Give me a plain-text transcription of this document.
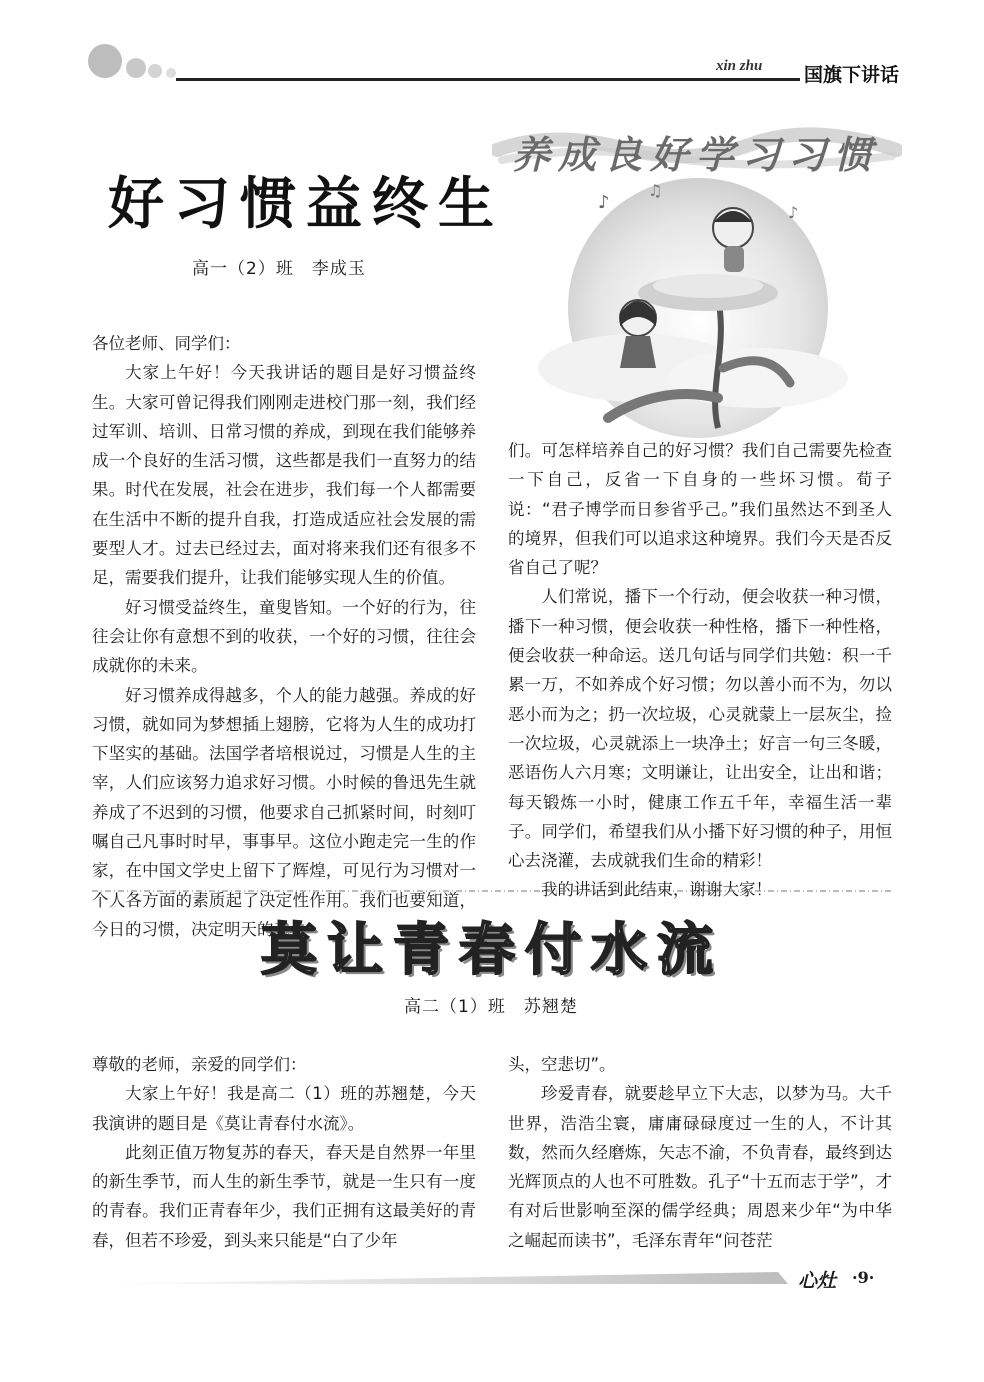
xin zhu 国旗下讲话
好习惯益终生
高一（2）班　李成玉
养成良好学习习惯
♪
♫
♪

各位老师、同学们：

大家上午好！今天我讲话的题目是好习惯益终生。大家可曾记得我们刚刚走进校门那一刻，我们经过军训、培训、日常习惯的养成，到现在我们能够养成一个良好的生活习惯，这些都是我们一直努力的结果。时代在发展，社会在进步，我们每一个人都需要在生活中不断的提升自我，打造成适应社会发展的需要型人才。过去已经过去，面对将来我们还有很多不足，需要我们提升，让我们能够实现人生的价值。

好习惯受益终生，童叟皆知。一个好的行为，往往会让你有意想不到的收获，一个好的习惯，往往会成就你的未来。

好习惯养成得越多，个人的能力越强。养成的好习惯，就如同为梦想插上翅膀，它将为人生的成功打下坚实的基础。法国学者培根说过，习惯是人生的主宰，人们应该努力追求好习惯。小时候的鲁迅先生就养成了不迟到的习惯，他要求自己抓紧时间，时刻叮嘱自己凡事时时早，事事早。这位小跑走完一生的作家，在中国文学史上留下了辉煌，可见行为习惯对一个人各方面的素质起了决定性作用。我们也要知道，今日的习惯，决定明天的我

们。可怎样培养自己的好习惯？我们自己需要先检查一下自己，反省一下自身的一些坏习惯。荀子说：“君子博学而日参省乎己。”我们虽然达不到圣人的境界，但我们可以追求这种境界。我们今天是否反省自己了呢？

人们常说，播下一个行动，便会收获一种习惯，播下一种习惯，便会收获一种性格，播下一种性格，便会收获一种命运。送几句话与同学们共勉：积一千累一万，不如养成个好习惯；勿以善小而不为，勿以恶小而为之；扔一次垃圾，心灵就蒙上一层灰尘，捡一次垃圾，心灵就添上一块净土；好言一句三冬暖，恶语伤人六月寒；文明谦让，让出安全，让出和谐；每天锻炼一小时，健康工作五千年，幸福生活一辈子。同学们，希望我们从小播下好习惯的种子，用恒心去浇灌，去成就我们生命的精彩！

我的讲话到此结束，谢谢大家！

莫让青春付水流
高二（1）班　苏翘楚

尊敬的老师，亲爱的同学们：

大家上午好！我是高二（1）班的苏翘楚，今天我演讲的题目是《莫让青春付水流》。

此刻正值万物复苏的春天，春天是自然界一年里的新生季节，而人生的新生季节，就是一生只有一度的青春。我们正青春年少，我们正拥有这最美好的青春，但若不珍爱，到头来只能是“白了少年

头，空悲切”。

珍爱青春，就要趁早立下大志，以梦为马。大千世界，浩浩尘寰，庸庸碌碌度过一生的人，不计其数，然而久经磨炼，矢志不渝，不负青春，最终到达光辉顶点的人也不可胜数。孔子“十五而志于学”，才有对后世影响至深的儒学经典；周恩来少年“为中华之崛起而读书”，毛泽东青年“问苍茫

心灶 ·9·
